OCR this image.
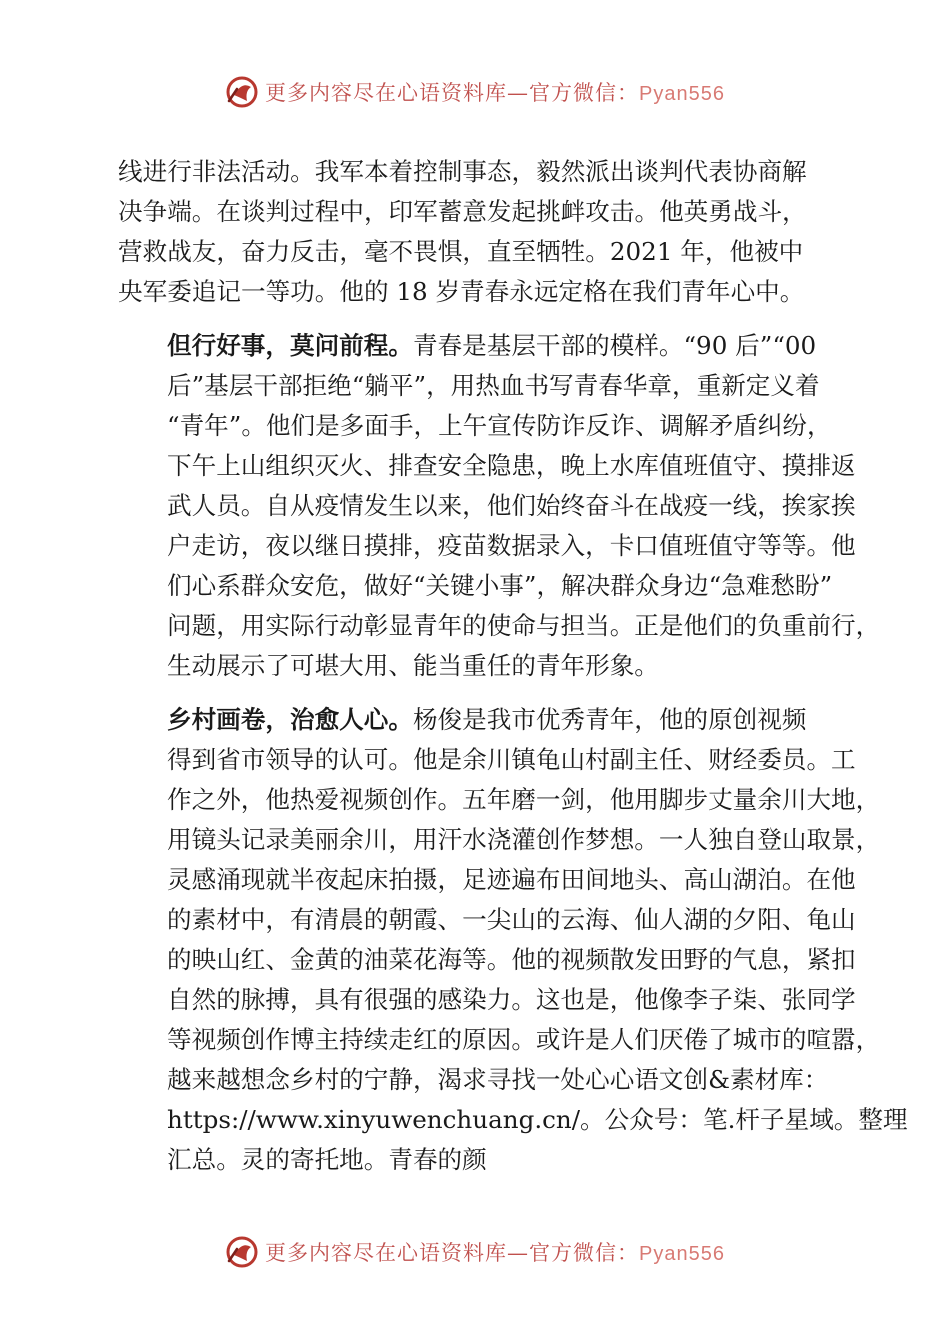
更多内容尽在心语资料库—官方微信：Pyan556
线进行非法活动。我军本着控制事态，毅然派出谈判代表协商解
决争端。在谈判过程中，印军蓄意发起挑衅攻击。他英勇战斗，
营救战友，奋力反击，毫不畏惧，直至牺牲。2021 年，他被中
央军委追记一等功。他的 18 岁青春永远定格在我们青年心中。
但行好事，莫问前程。青春是基层干部的模样。“90 后”“00
后”基层干部拒绝“躺平”，用热血书写青春华章，重新定义着
“青年”。他们是多面手，上午宣传防诈反诈、调解矛盾纠纷，
下午上山组织灭火、排查安全隐患，晚上水库值班值守、摸排返
武人员。自从疫情发生以来，他们始终奋斗在战疫一线，挨家挨
户走访，夜以继日摸排，疫苗数据录入，卡口值班值守等等。他
们心系群众安危，做好“关键小事”，解决群众身边“急难愁盼”
问题，用实际行动彰显青年的使命与担当。正是他们的负重前行，
生动展示了可堪大用、能当重任的青年形象。
乡村画卷，治愈人心。杨俊是我市优秀青年，他的原创视频
得到省市领导的认可。他是余川镇龟山村副主任、财经委员。工
作之外，他热爱视频创作。五年磨一剑，他用脚步丈量余川大地，
用镜头记录美丽余川，用汗水浇灌创作梦想。一人独自登山取景，
灵感涌现就半夜起床拍摄，足迹遍布田间地头、高山湖泊。在他
的素材中，有清晨的朝霞、一尖山的云海、仙人湖的夕阳、龟山
的映山红、金黄的油菜花海等。他的视频散发田野的气息，紧扣
自然的脉搏，具有很强的感染力。这也是，他像李子柒、张同学
等视频创作博主持续走红的原因。或许是人们厌倦了城市的喧嚣，
越来越想念乡村的宁静，渴求寻找一处心心语文创&素材库：
https://www.xinyuwenchuang.cn/。公众号：笔.杆子星域。整理
汇总。灵的寄托地。青春的颜
更多内容尽在心语资料库—官方微信：Pyan556
